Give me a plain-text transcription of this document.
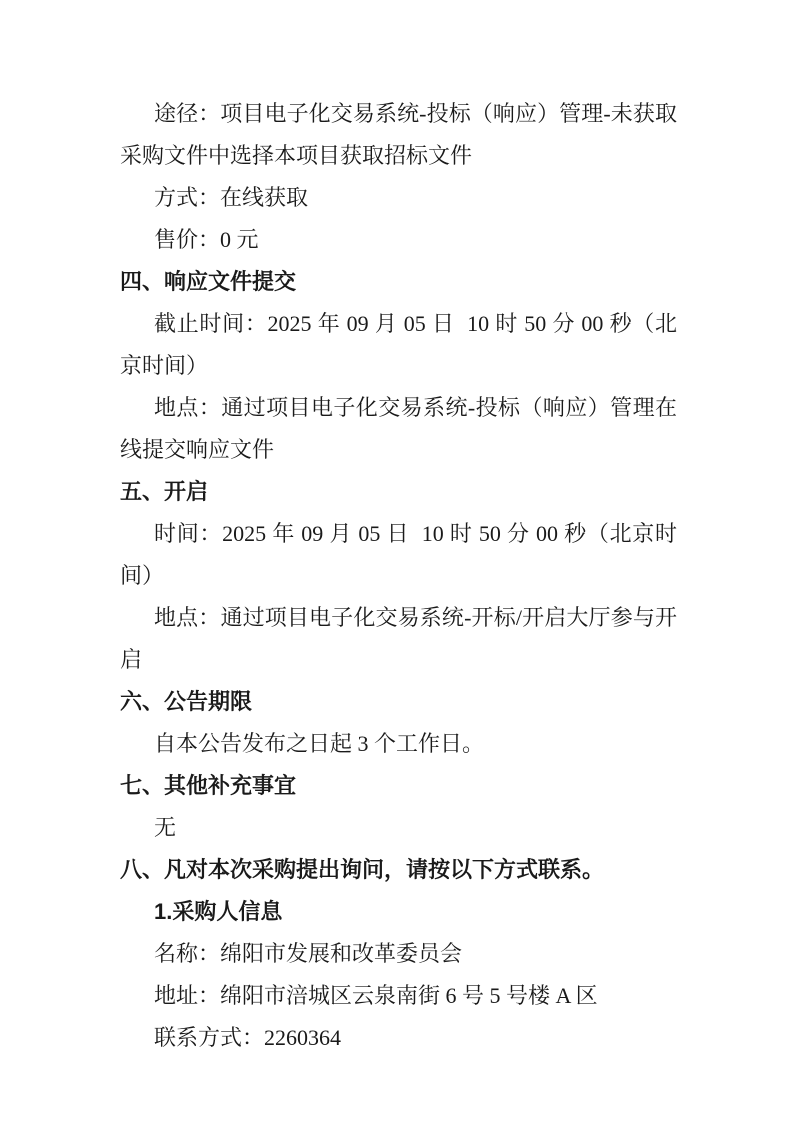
途径：项目电子化交易系统-投标（响应）管理-未获取采购文件中选择本项目获取招标文件

方式：在线获取

售价：0 元

四、响应文件提交

截止时间：2025 年 09 月 05 日  10 时 50 分 00 秒（北京时间）

地点：通过项目电子化交易系统-投标（响应）管理在线提交响应文件

五、开启

时间：2025 年 09 月 05 日  10 时 50 分 00 秒（北京时间）

地点：通过项目电子化交易系统-开标/开启大厅参与开启

六、公告期限

自本公告发布之日起 3 个工作日。

七、其他补充事宜

无

八、凡对本次采购提出询问，请按以下方式联系。

1.采购人信息

名称：绵阳市发展和改革委员会

地址：绵阳市涪城区云泉南街 6 号 5 号楼 A 区

联系方式：2260364
